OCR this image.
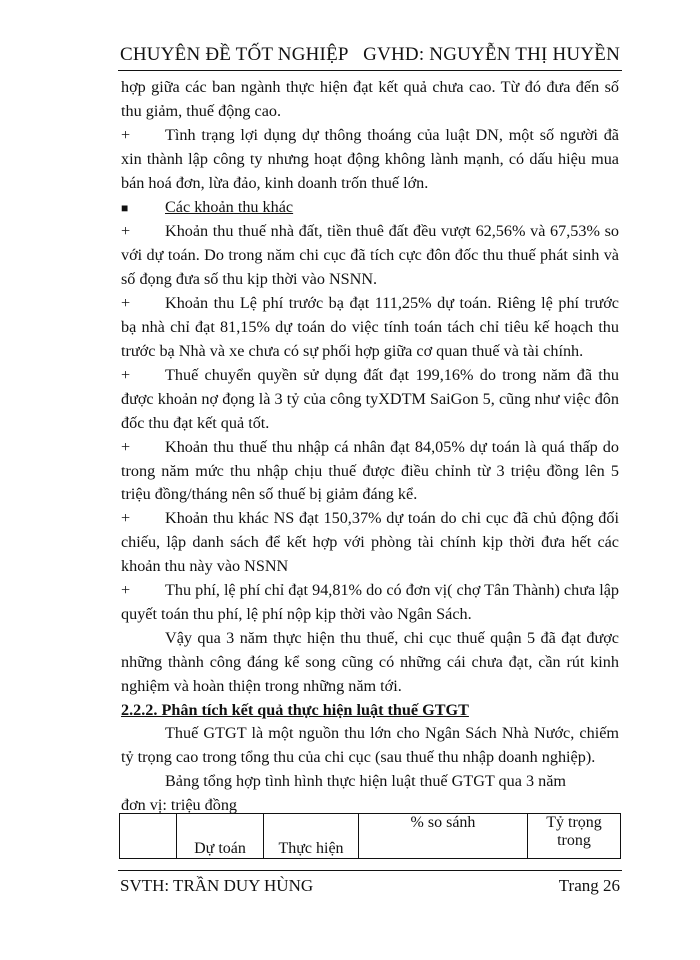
CHUYÊN ĐỀ TỐT NGHIỆP GVHD: NGUYỄN THỊ HUYỀN

hợp giữa các ban ngành thực hiện đạt kết quả chưa cao. Từ đó đưa đến số thu giảm, thuế động cao.

+ Tình trạng lợi dụng dự thông thoáng của luật DN, một số người đã xin thành lập công ty nhưng hoạt động không lành mạnh, có dấu hiệu mua bán hoá đơn, lừa đảo, kinh doanh trốn thuế lớn.

■ Các khoản thu khác

+ Khoản thu thuế nhà đất, tiền thuê đất đều vượt 62,56% và 67,53% so với dự toán. Do trong năm chi cục đã tích cực đôn đốc thu thuế phát sinh và số đọng đưa số thu kịp thời vào NSNN.

+ Khoản thu Lệ phí trước bạ đạt 111,25% dự toán. Riêng lệ phí trước bạ nhà chỉ đạt 81,15% dự toán do việc tính toán tách chỉ tiêu kế hoạch thu trước bạ Nhà và xe chưa có sự phối hợp giữa cơ quan thuế và tài chính.

+ Thuế chuyển quyền sử dụng đất đạt 199,16% do trong năm đã thu được khoản nợ đọng là 3 tỷ của công tyXDTM SaiGon 5, cũng như việc đôn đốc thu đạt kết quả tốt.

+ Khoản thu thuế thu nhập cá nhân đạt 84,05% dự toán là quá thấp do trong năm mức thu nhập chịu thuế được điều chỉnh từ 3 triệu đồng lên 5 triệu đồng/tháng nên số thuế bị giảm đáng kể.

+ Khoản thu khác NS đạt 150,37% dự toán do chi cục đã chủ động đối chiếu, lập danh sách để kết hợp với phòng tài chính kịp thời đưa hết các khoản thu này vào NSNN

+ Thu phí, lệ phí chỉ đạt 94,81% do có đơn vị( chợ Tân Thành) chưa lập quyết toán thu phí, lệ phí nộp kịp thời vào Ngân Sách.

Vậy qua 3 năm thực hiện thu thuế, chi cục thuế quận 5 đã đạt được những thành công đáng kể song cũng có những cái chưa đạt, cần rút kinh nghiệm và hoàn thiện trong những năm tới.

2.2.2. Phân tích kết quả thực hiện luật thuế GTGT

Thuế GTGT là một nguồn thu lớn cho Ngân Sách Nhà Nước, chiếm tỷ trọng cao trong tổng thu của chi cục (sau thuế thu nhập doanh nghiệp).

Bảng tổng hợp tình hình thực hiện luật thuế GTGT qua 3 năm

đơn vị: triệu đồng

	Dự toán	Thực hiện	% so sánh	Tỷ trọng
trong
SVTH: TRẦN DUY HÙNG	Trang 26
